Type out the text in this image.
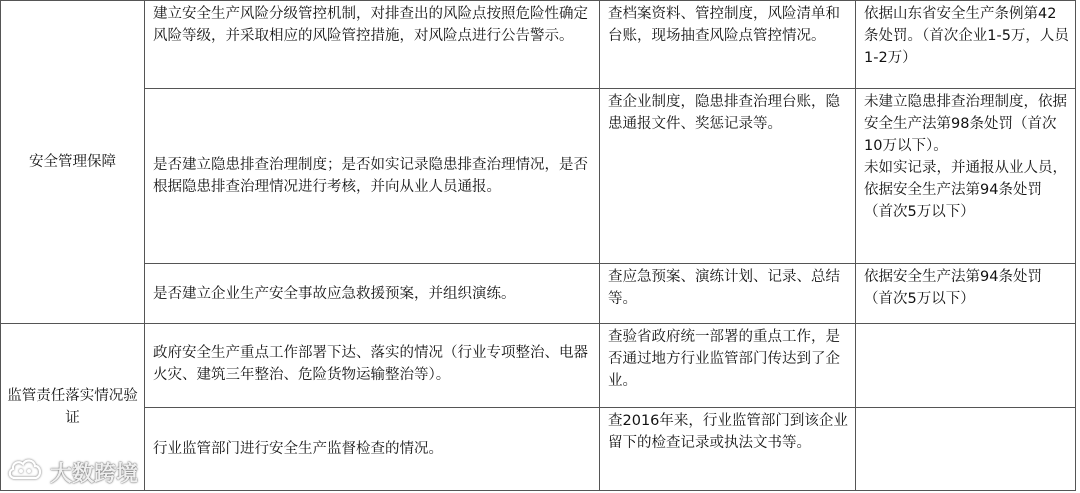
安全管理保障	建立安全生产风险分级管控机制，对排查出的风险点按照危险性确定风险等级，并采取相应的风险管控措施，对风险点进行公告警示。	查档案资料、管控制度，风险清单和台账，现场抽查风险点管控情况。	依据山东省安全生产条例第42条处罚。（首次企业1-5万，人员1-2万）

	是否建立隐患排查治理制度；是否如实记录隐患排查治理情况，是否根据隐患排查治理情况进行考核，并向从业人员通报。	查企业制度，隐患排查治理台账，隐患通报文件、奖惩记录等。	未建立隐患排查治理制度，依据安全生产法第98条处罚（首次10万以下）。
未如实记录，并通报从业人员，依据安全生产法第94条处罚（首次5万以下）

	是否建立企业生产安全事故应急救援预案，并组织演练。	查应急预案、演练计划、记录、总结等。	依据安全生产法第94条处罚（首次5万以下）

监管责任落实情况验证	政府安全生产重点工作部署下达、落实的情况（行业专项整治、电器火灾、建筑三年整治、危险货物运输整治等）。	查验省政府统一部署的重点工作，是否通过地方行业监管部门传达到了企业。	
	行业监管部门进行安全生产监督检查的情况。	查2016年来，行业监管部门到该企业留下的检查记录或执法文书等。	
大数跨境
